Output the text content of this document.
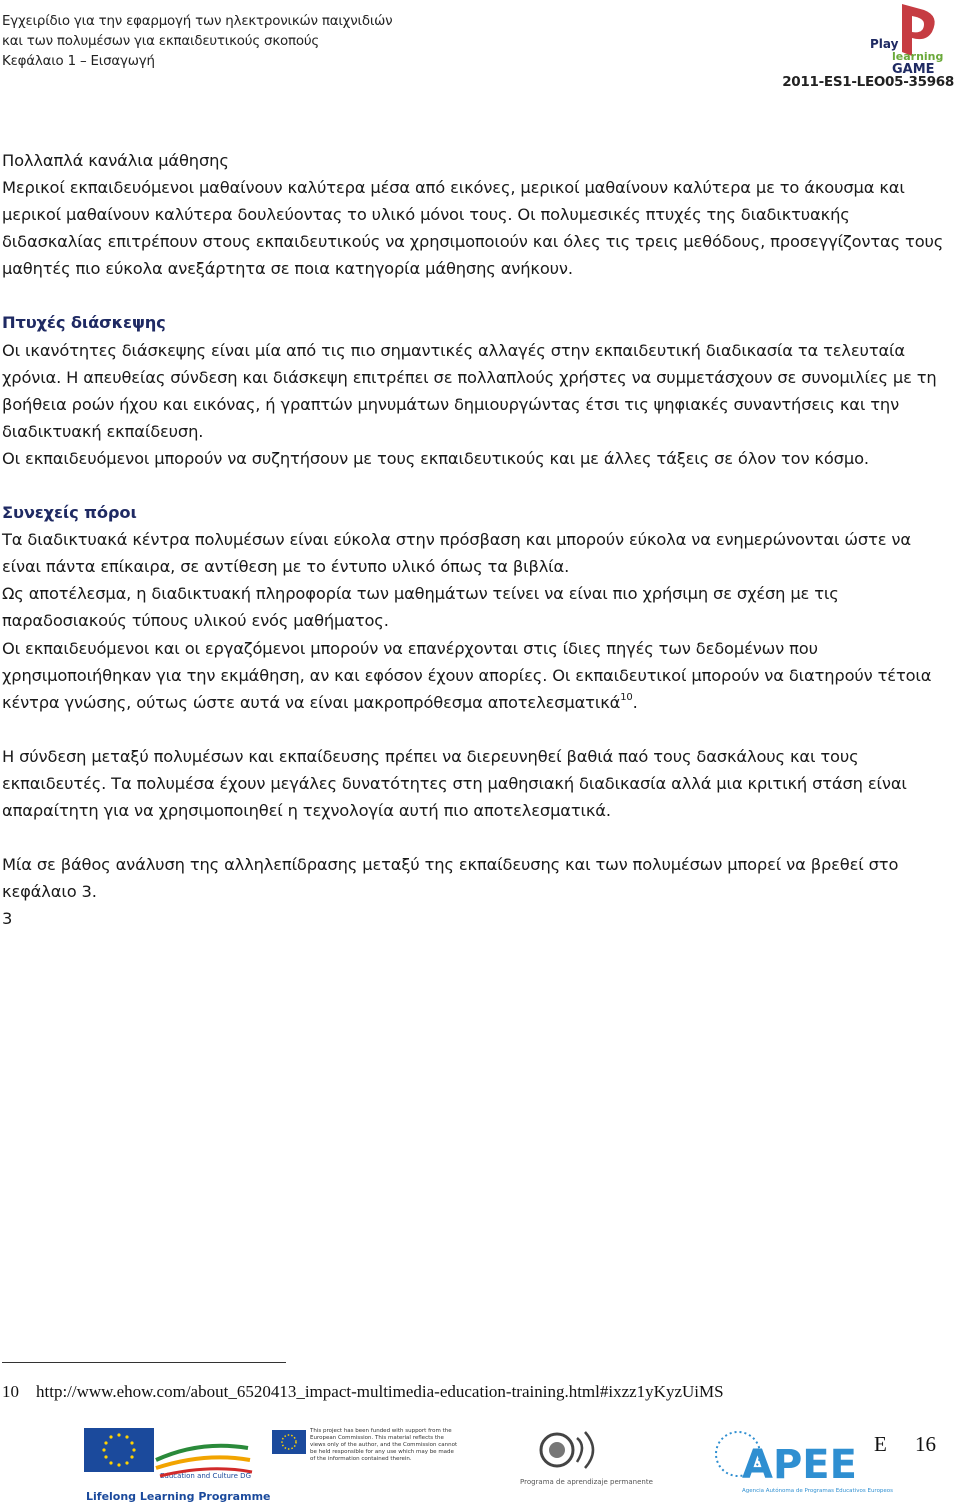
Εγχειρίδιο για την εφαρμογή των ηλεκτρονικών παιχνιδιών
και των πολυμέσων για εκπαιδευτικούς σκοπούς
Κεφάλαιο 1 – Εισαγωγή
Play
learning
GAME
2011-ES1-LEO05-35968

Πολλαπλά κανάλια μάθησης

Μερικοί εκπαιδευόμενοι μαθαίνουν καλύτερα μέσα από εικόνες, μερικοί μαθαίνουν καλύτερα με το άκουσμα και μερικοί μαθαίνουν καλύτερα δουλεύοντας το υλικό μόνοι τους. Οι πολυμεσικές πτυχές της διαδικτυακής διδασκαλίας επιτρέπουν στους εκπαιδευτικούς να χρησιμοποιούν και όλες τις τρεις μεθόδους, προσεγγίζοντας τους μαθητές πιο εύκολα ανεξάρτητα σε ποια κατηγορία μάθησης ανήκουν.

Πτυχές διάσκεψης

Οι ικανότητες διάσκεψης είναι μία από τις πιο σημαντικές αλλαγές στην εκπαιδευτική διαδικασία τα τελευταία χρόνια. Η απευθείας σύνδεση και διάσκεψη επιτρέπει σε πολλαπλούς χρήστες να συμμετάσχουν σε συνομιλίες με τη βοήθεια ροών ήχου και εικόνας, ή γραπτών μηνυμάτων δημιουργώντας έτσι τις ψηφιακές συναντήσεις και την διαδικτυακή εκπαίδευση.

Οι εκπαιδευόμενοι μπορούν να συζητήσουν με τους εκπαιδευτικούς και με άλλες τάξεις σε όλον τον κόσμο.

Συνεχείς πόροι

Τα διαδικτυακά κέντρα πολυμέσων είναι εύκολα στην πρόσβαση και μπορούν εύκολα να ενημερώνονται ώστε να είναι πάντα επίκαιρα, σε αντίθεση με το έντυπο υλικό όπως τα βιβλία.

Ως αποτέλεσμα, η διαδικτυακή πληροφορία των μαθημάτων τείνει να είναι πιο χρήσιμη σε σχέση με τις παραδοσιακούς τύπους υλικού ενός μαθήματος.

Οι εκπαιδευόμενοι και οι εργαζόμενοι μπορούν να επανέρχονται στις ίδιες πηγές των δεδομένων που χρησιμοποιήθηκαν για την εκμάθηση, αν και εφόσον έχουν απορίες. Οι εκπαιδευτικοί μπορούν να διατηρούν τέτοια κέντρα γνώσης, ούτως ώστε αυτά να είναι μακροπρόθεσμα αποτελεσματικά$^{10}$.

Η σύνδεση μεταξύ πολυμέσων και εκπαίδευσης πρέπει να διερευνηθεί βαθιά παό τους δασκάλους και τους εκπαιδευτές. Τα πολυμέσα έχουν μεγάλες δυνατότητες στη μαθησιακή διαδικασία αλλά μια κριτική στάση είναι απαραίτητη για να χρησιμοποιηθεί η τεχνολογία αυτή πιο αποτελεσματικά.

Μία σε βάθος ανάλυση της αλληλεπίδρασης μεταξύ της εκπαίδευσης και των πολυμέσων μπορεί να βρεθεί στο κεφάλαιο 3.

3

10 http://www.ehow.com/about_6520413_impact-multimedia-education-training.html#ixzz1yKyzUiMS
Education and Culture DG
Lifelong Learning Programme
This project has been funded with support from the European Commission. This material reflects the views only of the author, and the Commission cannot be held responsible for any use which may be made of the information contained therein.
Programa de aprendizaje permanente APEE
Agencia Autónoma de Programas Educativos Europeos
E 16
